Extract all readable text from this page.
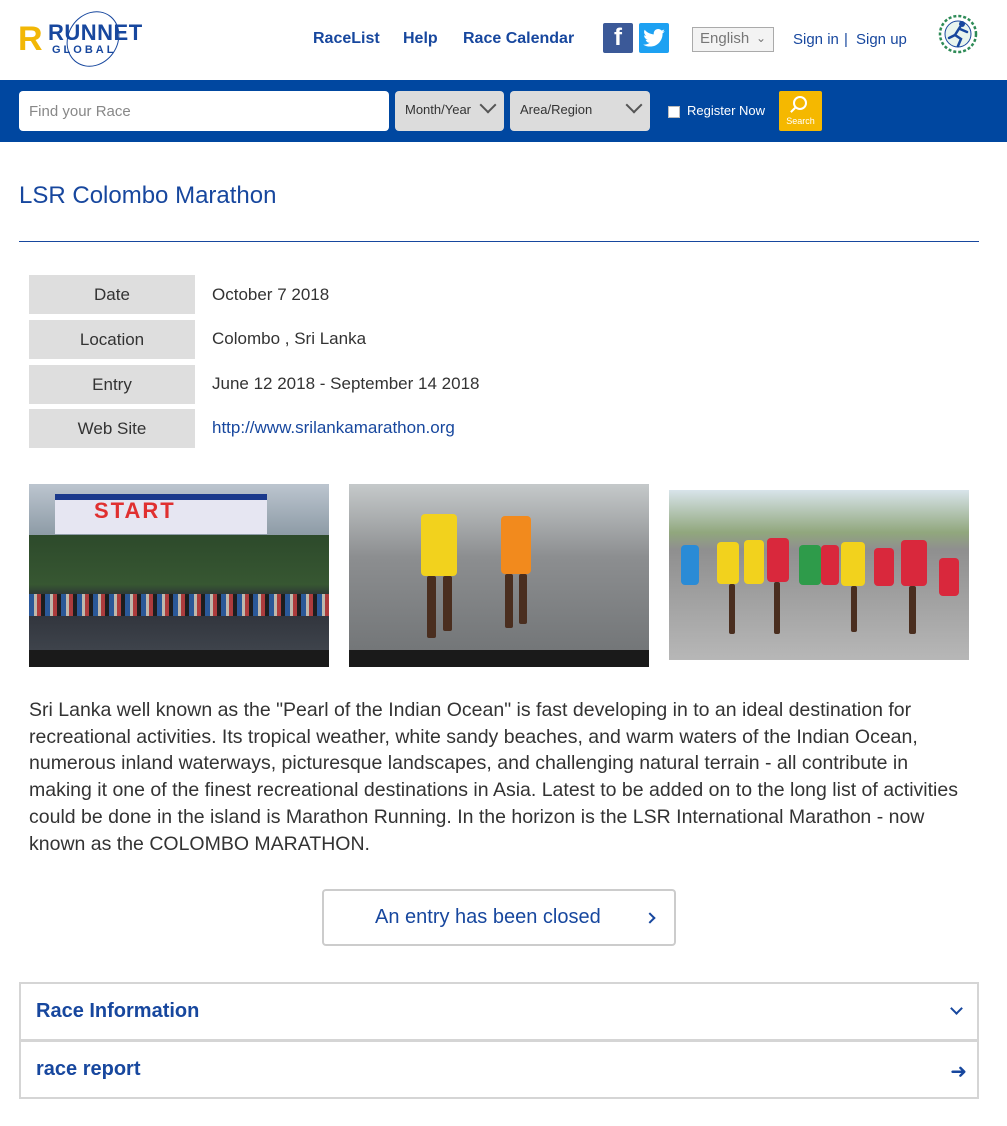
R RUNNET
GLOBAL
RaceList Help Race Calendar	f	English ⌄ Sign in | Sign up
Find your Race
Month/Year	Area/Region	Register Now
Search
LSR Colombo Marathon
Date	October 7 2018
Location	Colombo , Sri Lanka
Entry	June 12 2018 - September 14 2018
Web Site	http://www.srilankamarathon.org
START

Sri Lanka well known as the "Pearl of the Indian Ocean" is fast developing in to an ideal destination for recreational activities. Its tropical weather, white sandy beaches, and warm waters of the Indian Ocean, numerous inland waterways, picturesque landscapes, and challenging natural terrain - all contribute in making it one of the finest recreational destinations in Asia. Latest to be added on to the long list of activities could be done in the island is Marathon Running. In the horizon is the LSR International Marathon - now known as the COLOMBO MARATHON.

An entry has been closed
Race Information
race report	➜
